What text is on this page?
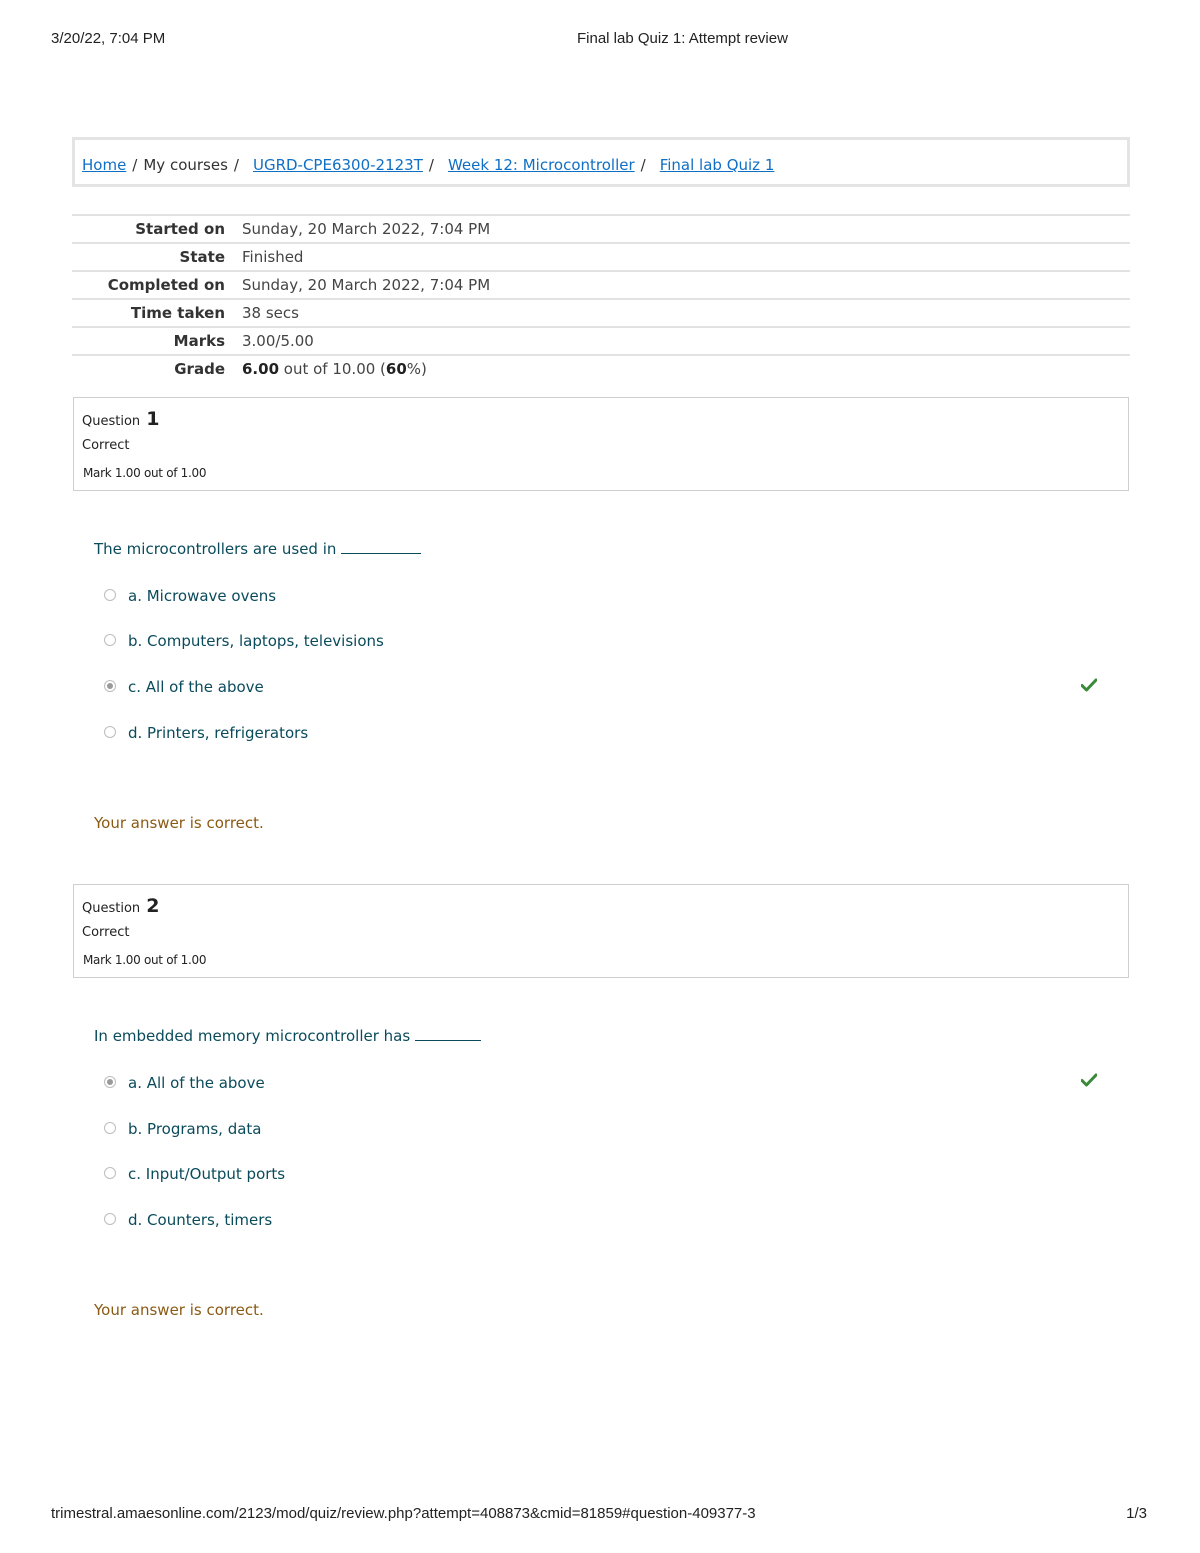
3/20/22, 7:04 PM	Final lab Quiz 1: Attempt review
Home / My courses / UGRD-CPE6300-2123T / Week 12: Microcontroller / Final lab Quiz 1
Started on	Sunday, 20 March 2022, 7:04 PM
State	Finished
Completed on	Sunday, 20 March 2022, 7:04 PM
Time taken	38 secs
Marks	3.00/5.00
Grade	6.00 out of 10.00 (60%)
Question 1
Correct
Mark 1.00 out of 1.00
The microcontrollers are used in
a. Microwave ovens
b. Computers, laptops, televisions
c. All of the above
d. Printers, refrigerators
Your answer is correct.
Question 2
Correct
Mark 1.00 out of 1.00
In embedded memory microcontroller has
a. All of the above
b. Programs, data
c. Input/Output ports
d. Counters, timers
Your answer is correct.
trimestral.amaesonline.com/2123/mod/quiz/review.php?attempt=408873&cmid=81859#question-409377-3	1/3
